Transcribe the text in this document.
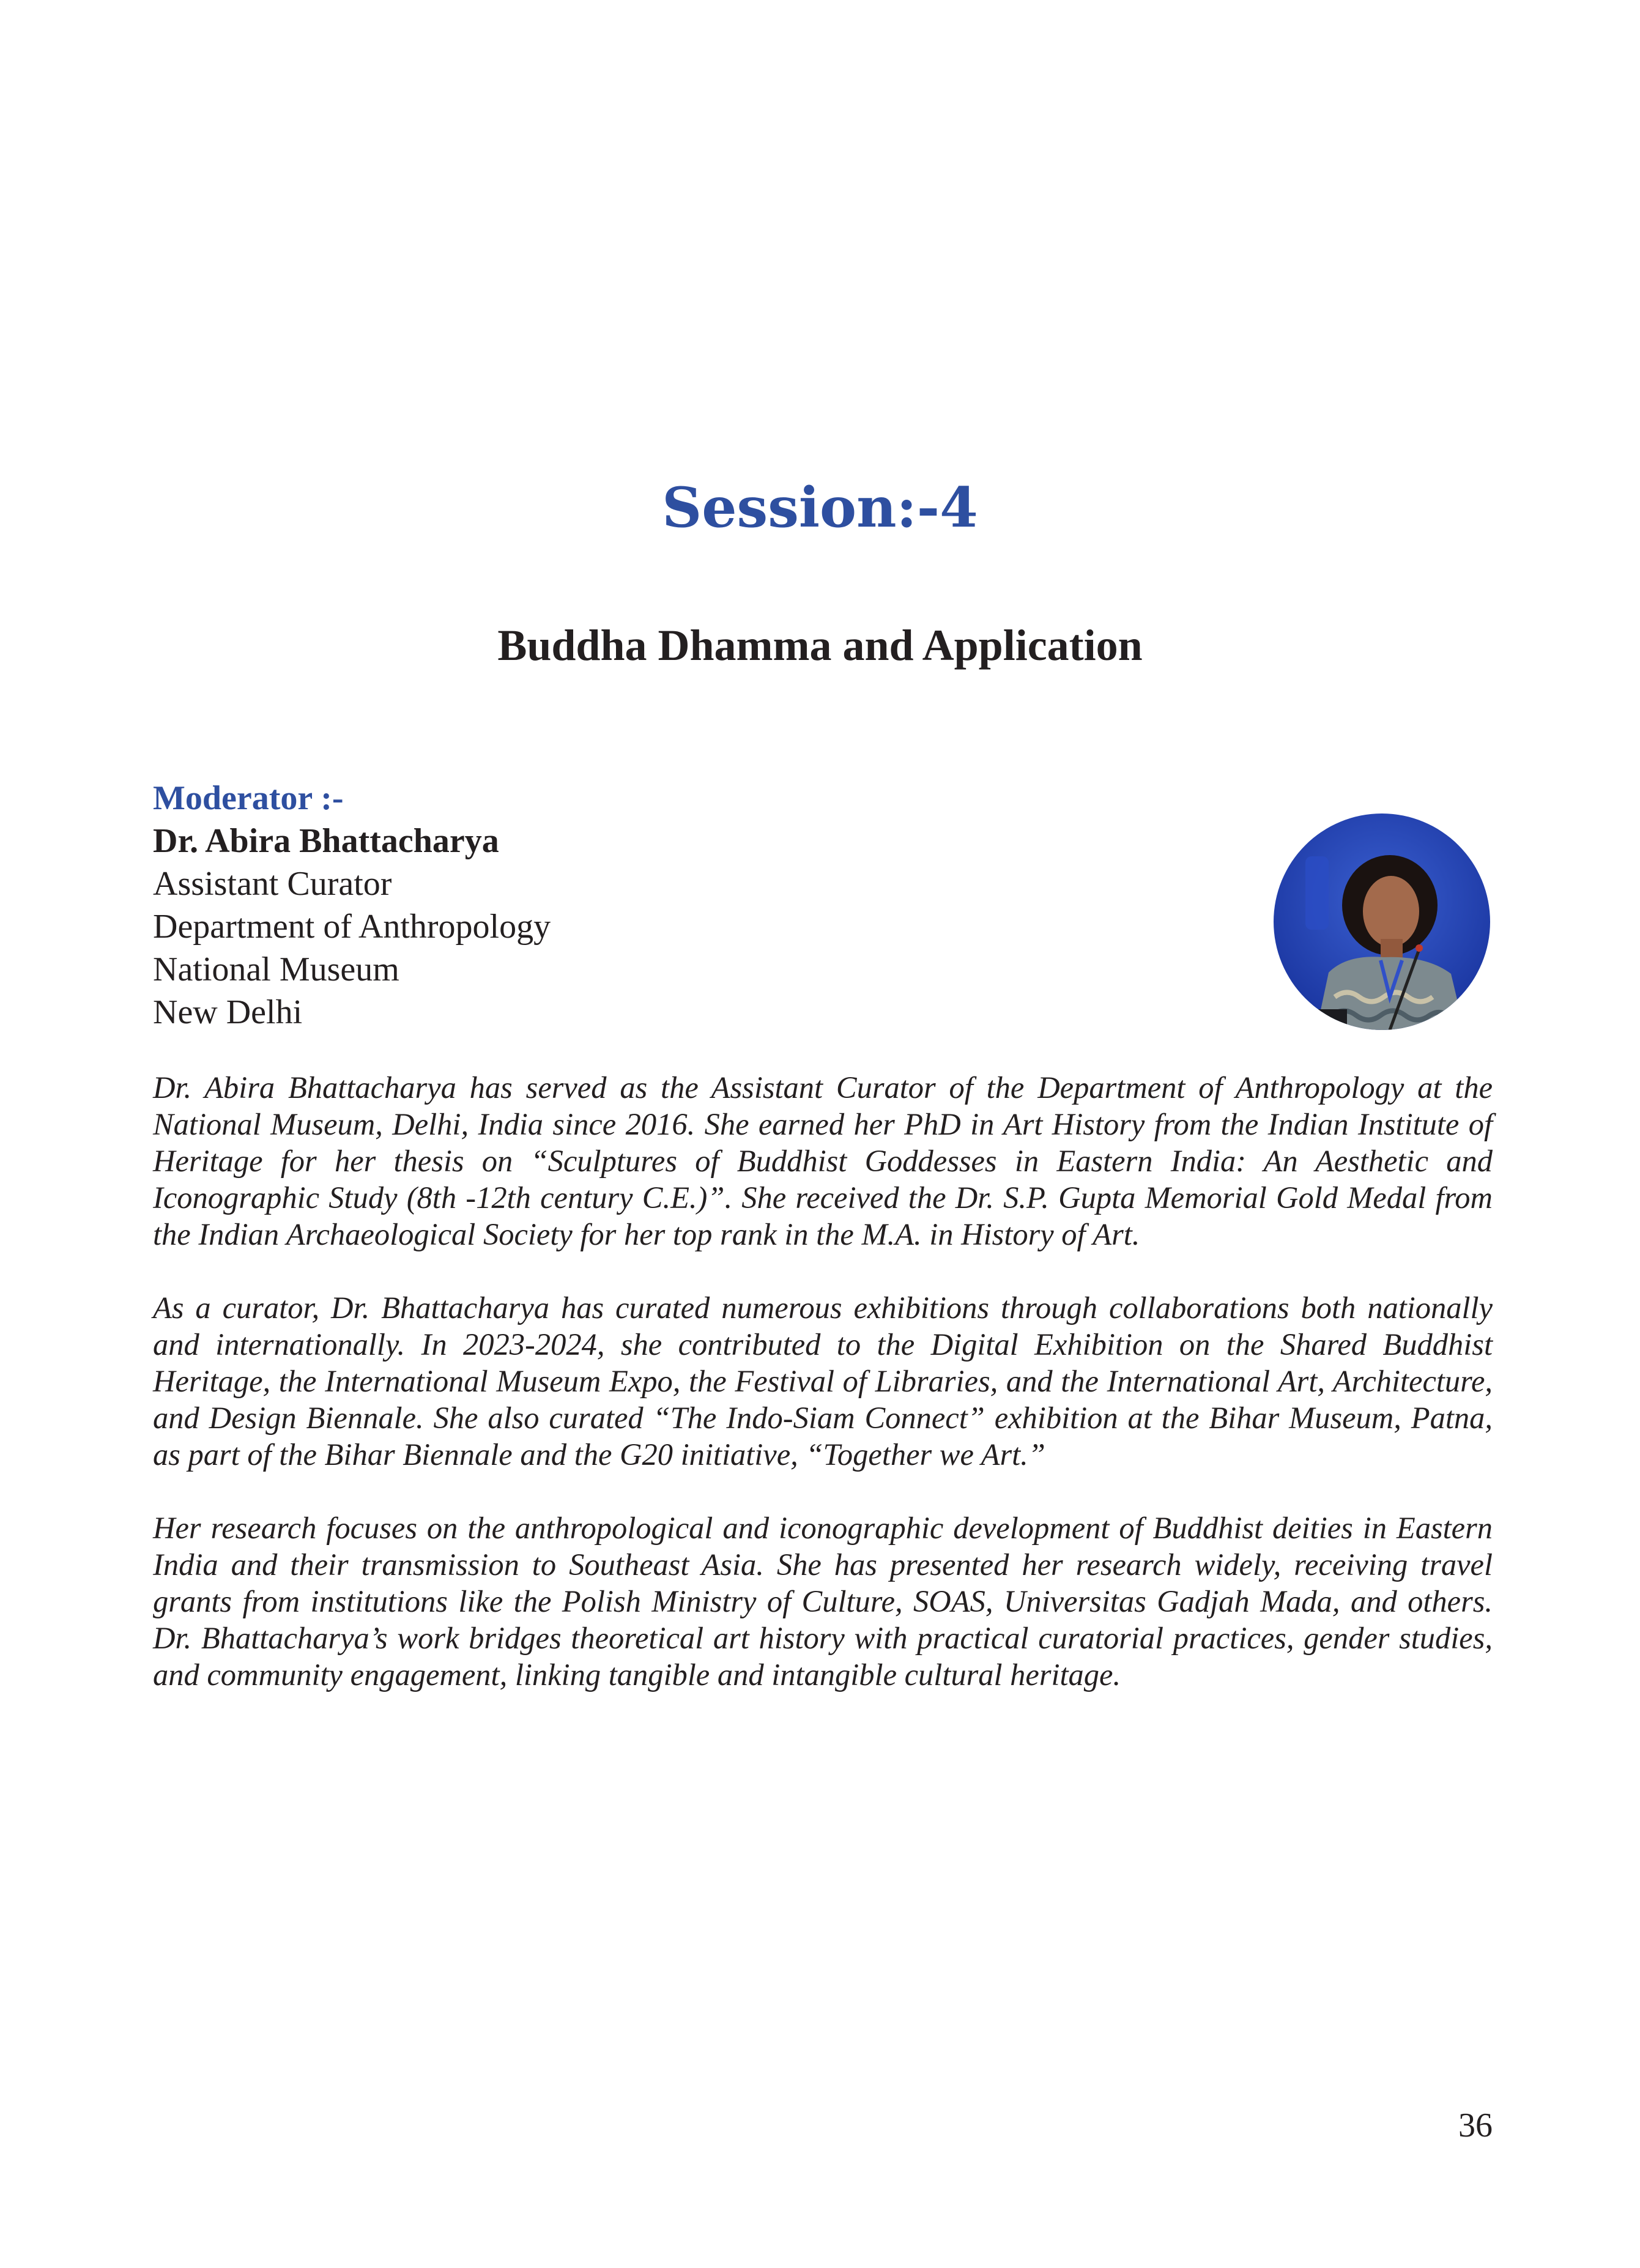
Session:-4
Buddha Dhamma and Application
Moderator :-
Dr. Abira Bhattacharya
Assistant Curator
Department of Anthropology
National Museum
New Delhi

Dr. Abira Bhattacharya has served as the Assistant Curator of the Department of Anthropology at the National Museum, Delhi, India since 2016. She earned her PhD in Art History from the Indian Institute of Heritage for her thesis on “Sculptures of Buddhist Goddesses in Eastern India: An Aesthetic and Iconographic Study (8th -12th century C.E.)”. She received the Dr. S.P. Gupta Memorial Gold Medal from the Indian Archaeological Society for her top rank in the M.A. in History of Art.

As a curator, Dr. Bhattacharya has curated numerous exhibitions through collaborations both nationally and internationally. In 2023-2024, she contributed to the Digital Exhibition on the Shared Buddhist Heritage, the International Museum Expo, the Festival of Libraries, and the International Art, Architecture, and Design Biennale. She also curated “The Indo-Siam Connect” exhibition at the Bihar Museum, Patna, as part of the Bihar Biennale and the G20 initiative, “Together we Art.”

Her research focuses on the anthropological and iconographic development of Buddhist deities in Eastern India and their transmission to Southeast Asia. She has presented her research widely, receiving travel grants from institutions like the Polish Ministry of Culture, SOAS, Universitas Gadjah Mada, and others. Dr. Bhattacharya’s work bridges theoretical art history with practical curatorial practices, gender studies, and community engagement, linking tangible and intangible cultural heritage.

36
